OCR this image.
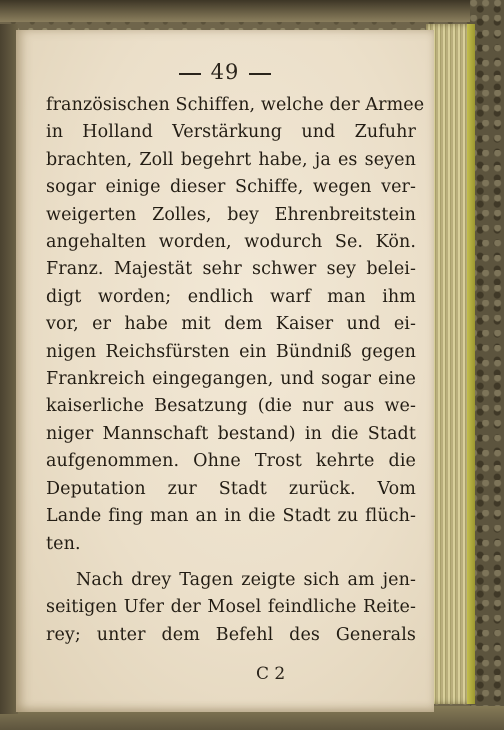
49
französischen Schiffen, welche der Armee
in Holland Verstärkung und Zufuhr
brachten, Zoll begehrt habe, ja es seyen
sogar einige dieser Schiffe, wegen ver-
weigerten Zolles, bey Ehrenbreitstein
angehalten worden, wodurch Se. Kön.
Franz. Majestät sehr schwer sey belei-
digt worden; endlich warf man ihm
vor, er habe mit dem Kaiser und ei-
nigen Reichsfürsten ein Bündniß gegen
Frankreich eingegangen, und sogar eine
kaiserliche Besatzung (die nur aus we-
niger Mannschaft bestand) in die Stadt
aufgenommen. Ohne Trost kehrte die
Deputation zur Stadt zurück. Vom
Lande fing man an in die Stadt zu flüch-
ten.
Nach drey Tagen zeigte sich am jen-
seitigen Ufer der Mosel feindliche Reite-
rey; unter dem Befehl des Generals
C 2
